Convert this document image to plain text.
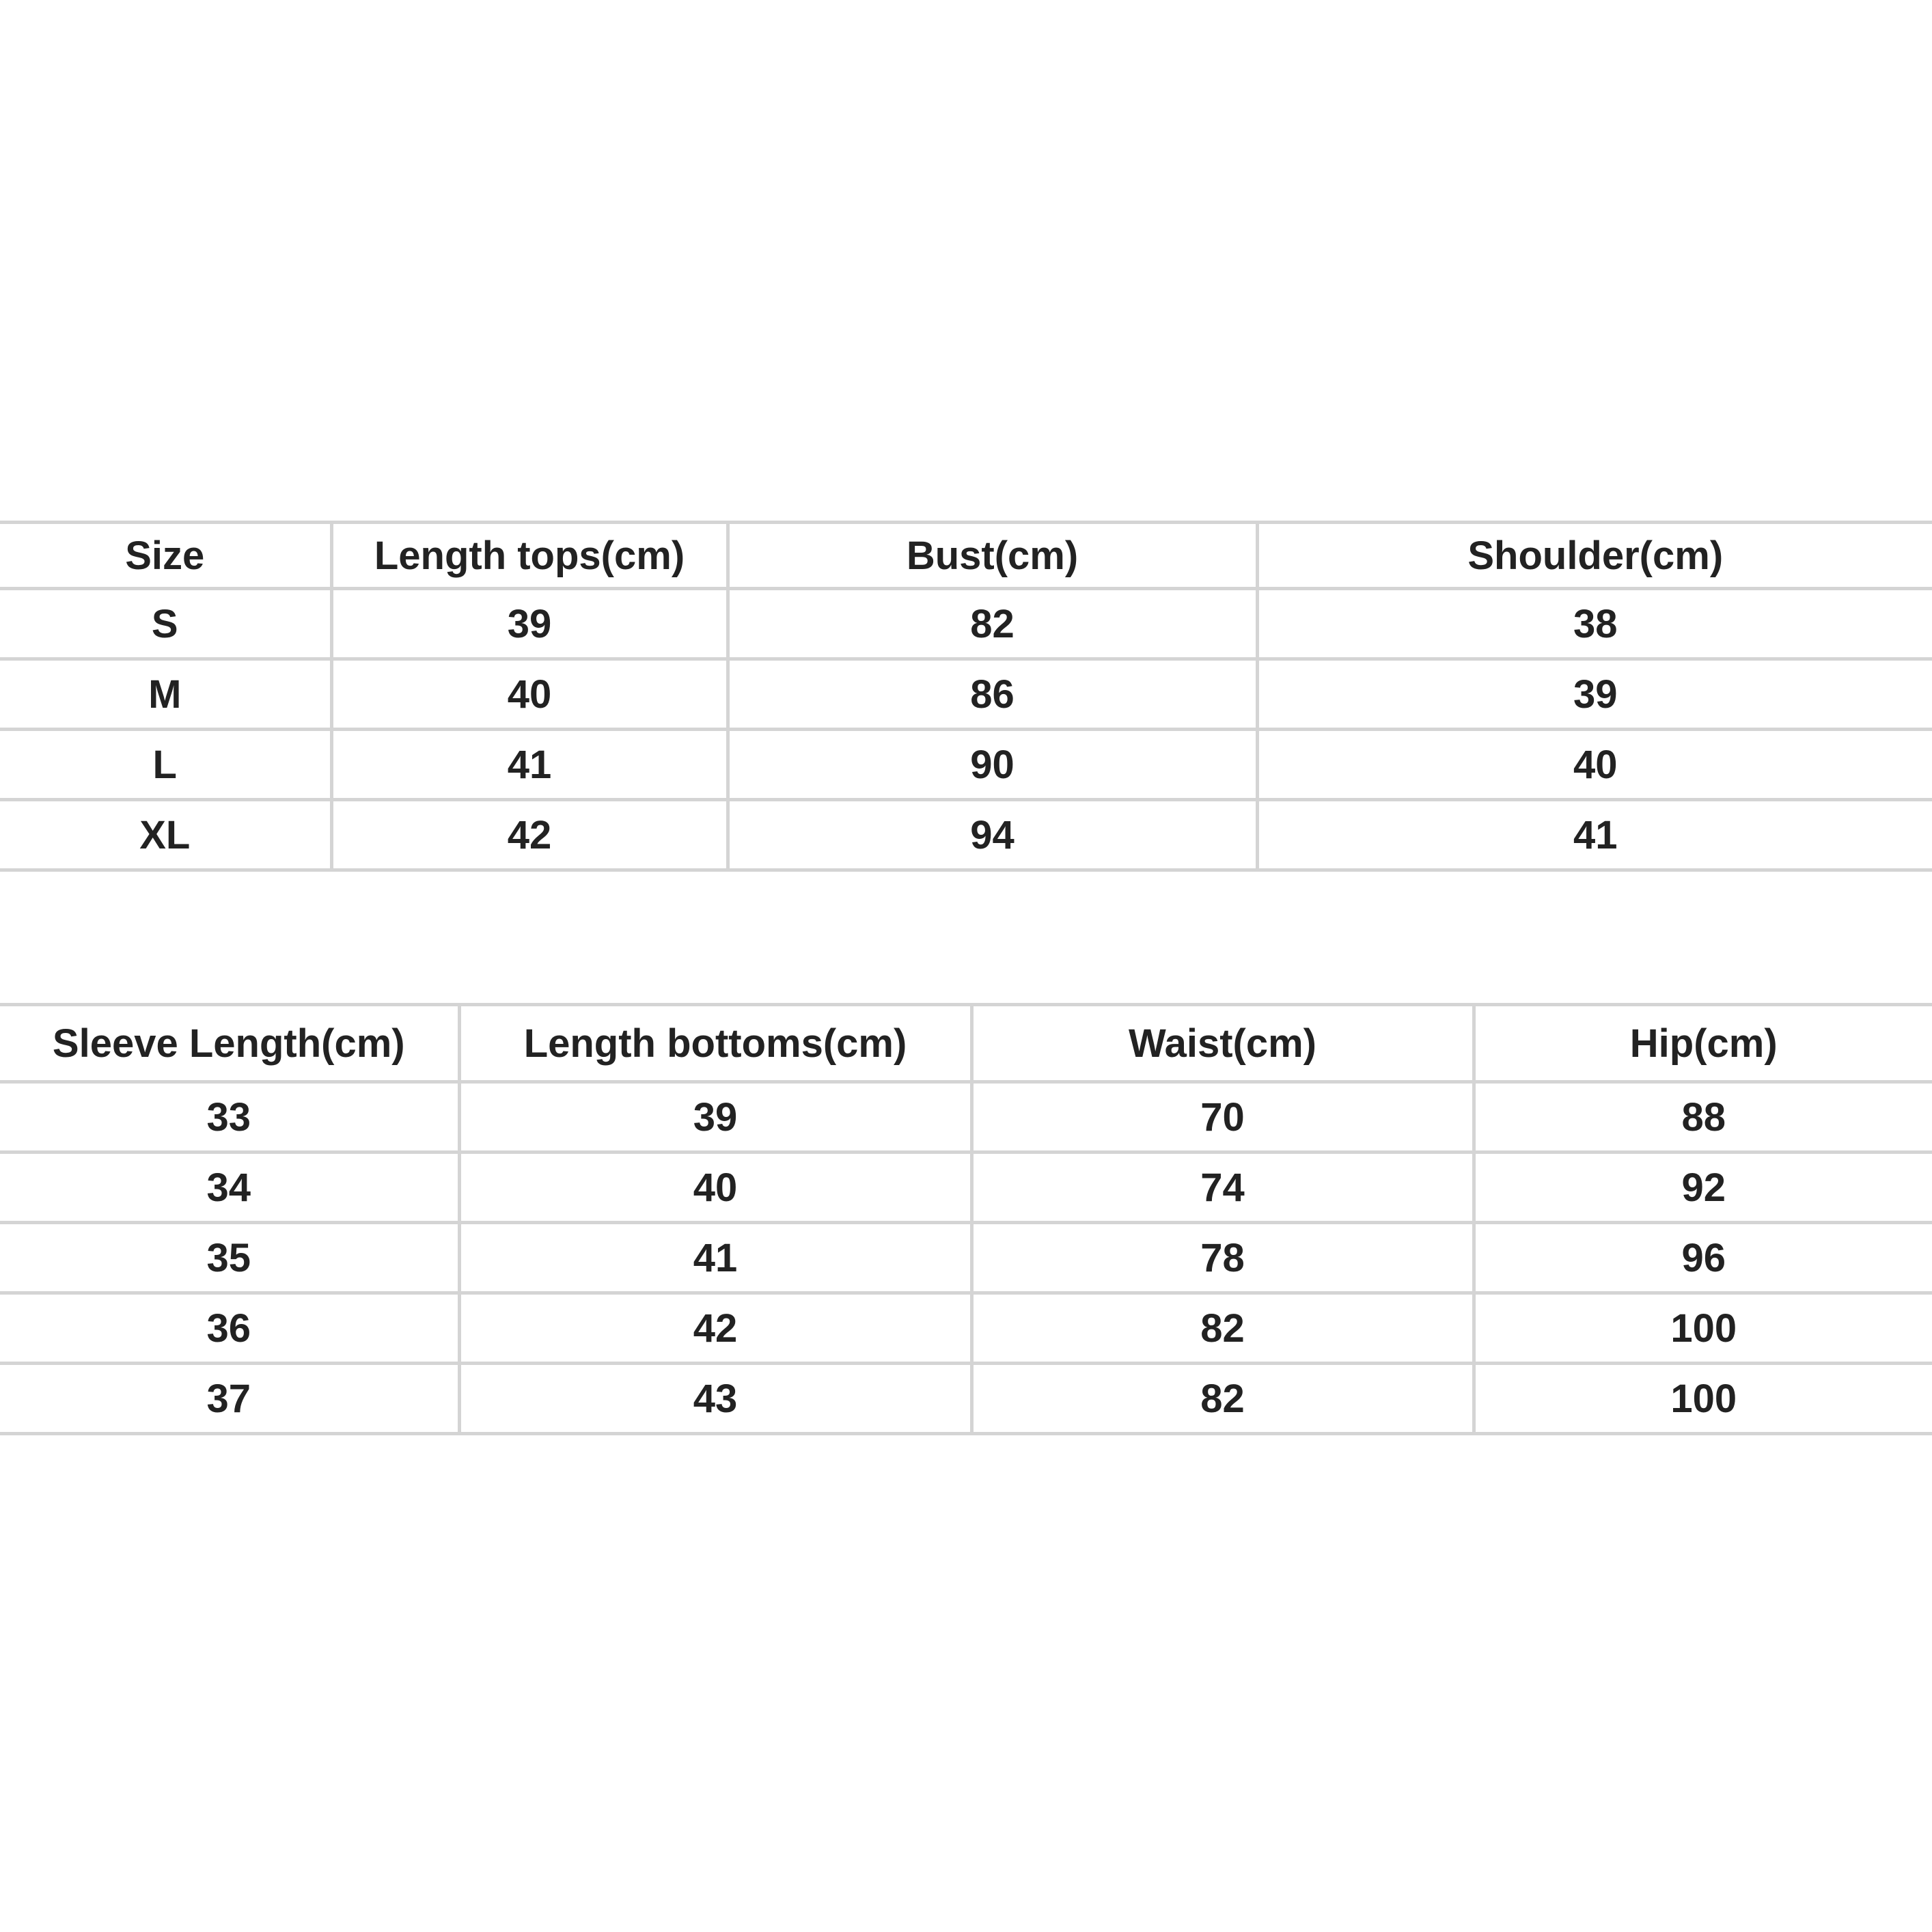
Size	Length tops(cm)	Bust(cm)	Shoulder(cm)
S	39	82	38
M	40	86	39
L	41	90	40
XL	42	94	41
Sleeve Length(cm)	Length bottoms(cm)	Waist(cm)	Hip(cm)
33	39	70	88
34	40	74	92
35	41	78	96
36	42	82	100
37	43	82	100
